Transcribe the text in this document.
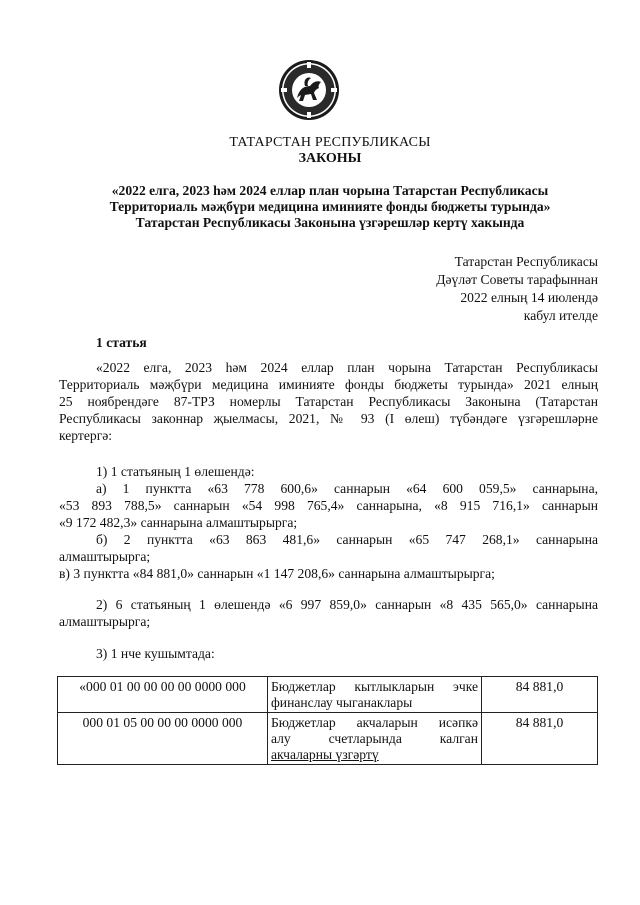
ТАТАРСТАН РЕСПУБЛИКАСЫ
ЗАКОНЫ
«2022 елга, 2023 һәм 2024 еллар план чорына Татарстан Республикасы
Территориаль мәҗбүри медицина иминияте фонды бюджеты турында»
Татарстан Республикасы Законына үзгәрешләр кертү хакында
Татарстан Республикасы
Дәүләт Советы тарафыннан
2022 елның 14 июлендә
кабул ителде
1 статья
«2022 елга, 2023 һәм 2024 еллар план чорына Татарстан Республикасы
Территориаль мәҗбүри медицина иминияте фонды бюджеты турында» 2021 елның
25 ноябрендәге 87-ТРЗ номерлы Татарстан Республикасы Законына (Татарстан
Республикасы законнар җыелмасы, 2021, № 93 (I өлеш) түбәндәге үзгәрешләрне
кертергә:
1) 1 статьяның 1 өлешендә:
а) 1 пунктта «63 778 600,6» саннарын «64 600 059,5» саннарына,
«53 893 788,5» саннарын «54 998 765,4» саннарына, «8 915 716,1» саннарын
«9 172 482,3» саннарына алмаштырырга;
б) 2 пунктта «63 863 481,6» саннарын «65 747 268,1» саннарына
алмаштырырга;
в) 3 пунктта «84 881,0» саннарын «1 147 208,6» саннарына алмаштырырга;
2) 6 статьяның 1 өлешендә «6 997 859,0» саннарын «8 435 565,0» саннарына
алмаштырырга;
3) 1 нче кушымтада:
«000 01 00 00 00 00 0000 000	Бюджетлар кытлыкларын эчке
финанслау чыганаклары	84 881,0
000 01 05 00 00 00 0000 000	Бюджетлар акчаларын исәпкә
алу счетларында калган
акчаларны үзгәртү	84 881,0
